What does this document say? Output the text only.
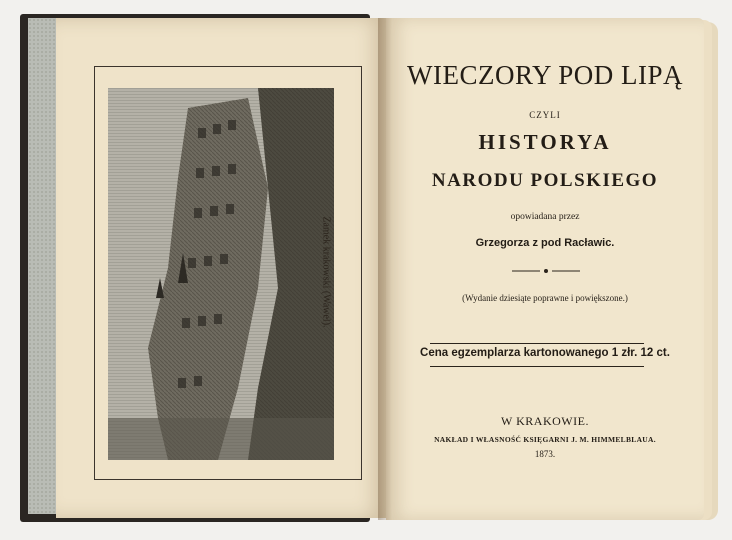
Zamek krakowski (Wawel).
WIECZORY POD LIPĄ
CZYLI
HISTORYA
NARODU POLSKIEGO
opowiadana przez
Grzegorza z pod Racławic.
(Wydanie dziesiąte poprawne i powiększone.)
Cena egzemplarza kartonowanego 1 złr. 12 ct.
W KRAKOWIE.
NAKŁAD I WŁASNOŚĆ KSIĘGARNI J. M. HIMMELBLAUA.
1873.
